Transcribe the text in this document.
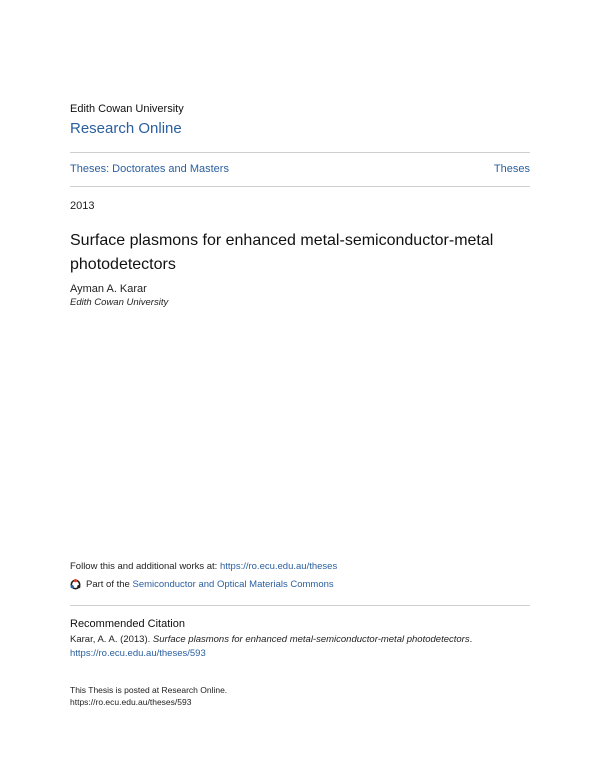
Edith Cowan University
Research Online
Theses: Doctorates and Masters	Theses
2013
Surface plasmons for enhanced metal-semiconductor-metal photodetectors
Ayman A. Karar
Edith Cowan University
Follow this and additional works at: https://ro.ecu.edu.au/theses
Part of the
Semiconductor and Optical Materials Commons
Recommended Citation
Karar, A. A. (2013). Surface plasmons for enhanced metal-semiconductor-metal photodetectors.
https://ro.ecu.edu.au/theses/593
This Thesis is posted at Research Online.
https://ro.ecu.edu.au/theses/593
